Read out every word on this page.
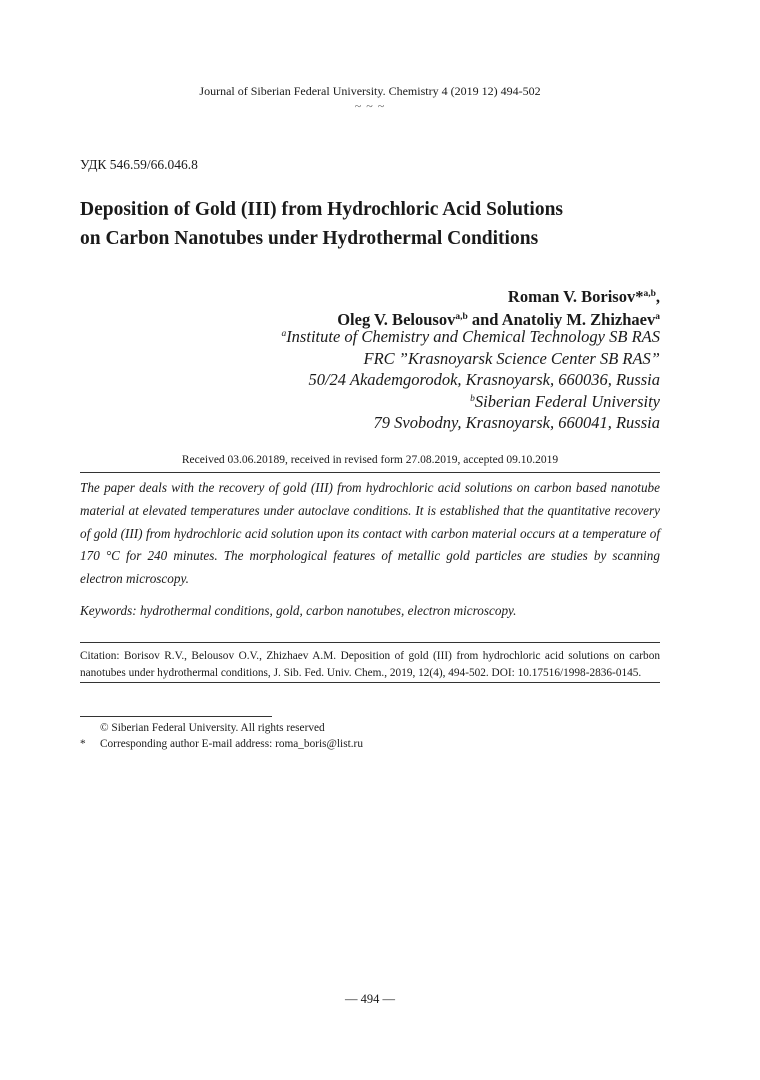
Journal of Siberian Federal University. Chemistry 4 (2019 12) 494-502
~ ~ ~
УДК 546.59/66.046.8
Deposition of Gold (III) from Hydrochloric Acid Solutions
on Carbon Nanotubes under Hydrothermal Conditions
Roman V. Borisov*$^{a,b}$,
Oleg V. Belousov$^{a,b}$ and Anatoliy M. Zhizhaev$^a$
$^a$Institute of Chemistry and Chemical Technology SB RAS
FRC ”Krasnoyarsk Science Center SB RAS”
50/24 Akademgorodok, Krasnoyarsk, 660036, Russia
$^b$Siberian Federal University
79 Svobodny, Krasnoyarsk, 660041, Russia
Received 03.06.20189, received in revised form 27.08.2019, accepted 09.10.2019
The paper deals with the recovery of gold (III) from hydrochloric acid solutions on carbon based nanotube material at elevated temperatures under autoclave conditions. It is established that the quantitative recovery of gold (III) from hydrochloric acid solution upon its contact with carbon material occurs at a temperature of 170 °C for 240 minutes. The morphological features of metallic gold particles are studies by scanning electron microscopy.
Keywords: hydrothermal conditions, gold, carbon nanotubes, electron microscopy.
Citation: Borisov R.V., Belousov O.V., Zhizhaev A.M. Deposition of gold (III) from hydrochloric acid solutions on carbon nanotubes under hydrothermal conditions, J. Sib. Fed. Univ. Chem., 2019, 12(4), 494-502. DOI: 10.17516/1998-2836-0145.
© Siberian Federal University. All rights reserved
* Corresponding author E-mail address: roma_boris@list.ru
— 494 —
